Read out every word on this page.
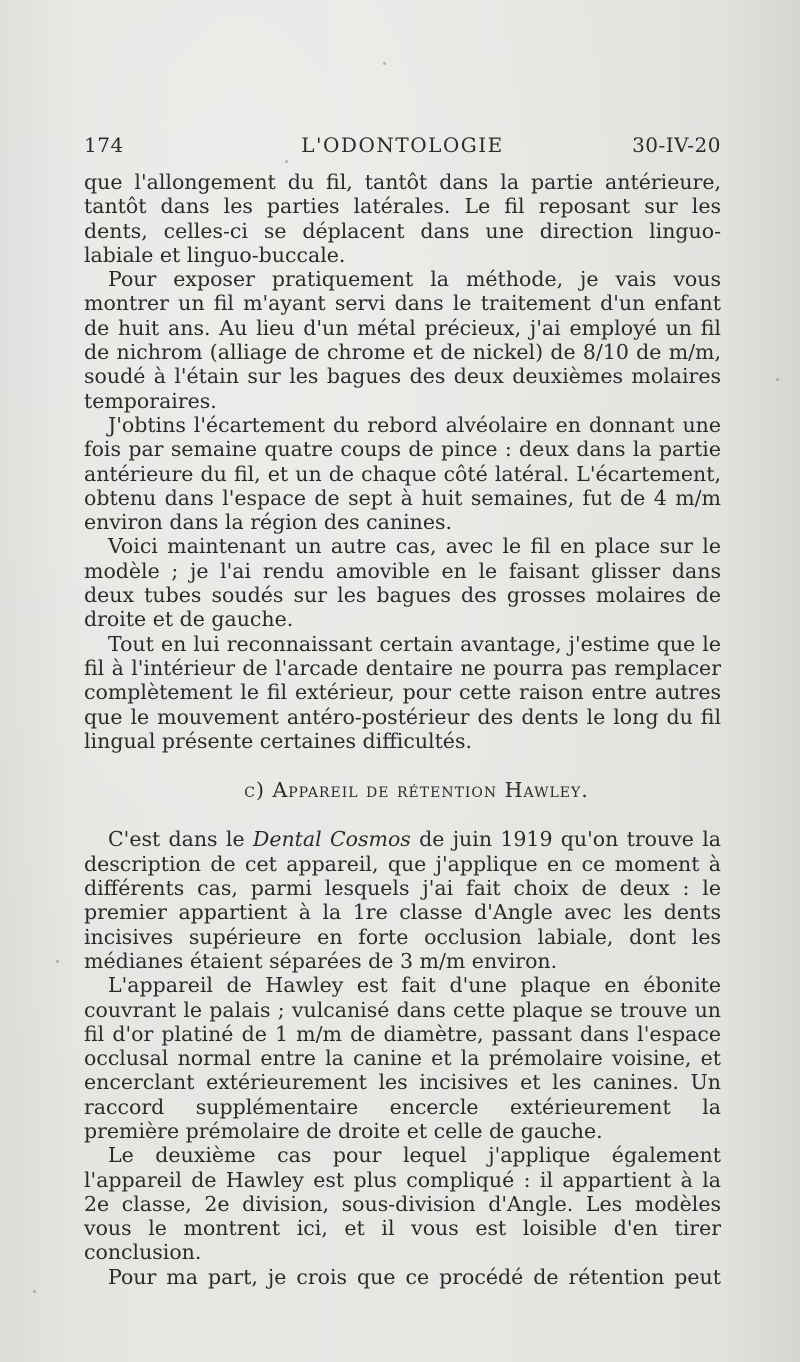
174	L'ODONTOLOGIE	30-IV-20

que l'allongement du fil, tantôt dans la partie antérieure, tantôt dans les parties latérales. Le fil reposant sur les dents, celles-ci se déplacent dans une direction linguo-labiale et linguo-buccale.

Pour exposer pratiquement la méthode, je vais vous montrer un fil m'ayant servi dans le traitement d'un enfant de huit ans. Au lieu d'un métal précieux, j'ai employé un fil de nichrom (alliage de chrome et de nickel) de 8/10 de m/m, soudé à l'étain sur les bagues des deux deuxièmes molaires temporaires.

J'obtins l'écartement du rebord alvéolaire en donnant une fois par semaine quatre coups de pince : deux dans la partie antérieure du fil, et un de chaque côté latéral. L'écartement, obtenu dans l'espace de sept à huit semaines, fut de 4 m/m environ dans la région des canines.

Voici maintenant un autre cas, avec le fil en place sur le modèle ; je l'ai rendu amovible en le faisant glisser dans deux tubes soudés sur les bagues des grosses molaires de droite et de gauche.

Tout en lui reconnaissant certain avantage, j'estime que le fil à l'intérieur de l'arcade dentaire ne pourra pas remplacer complètement le fil extérieur, pour cette raison entre autres que le mouvement antéro-postérieur des dents le long du fil lingual présente certaines difficultés.

c) Appareil de rétention Hawley.

C'est dans le Dental Cosmos de juin 1919 qu'on trouve la description de cet appareil, que j'applique en ce moment à différents cas, parmi lesquels j'ai fait choix de deux : le premier appartient à la 1re classe d'Angle avec les dents incisives supérieure en forte occlusion labiale, dont les médianes étaient séparées de 3 m/m environ.

L'appareil de Hawley est fait d'une plaque en ébonite couvrant le palais ; vulcanisé dans cette plaque se trouve un fil d'or platiné de 1 m/m de diamètre, passant dans l'espace occlusal normal entre la canine et la prémolaire voisine, et encerclant extérieurement les incisives et les canines. Un raccord supplémentaire encercle extérieurement la première prémolaire de droite et celle de gauche.

Le deuxième cas pour lequel j'applique également l'appareil de Hawley est plus compliqué : il appartient à la 2e classe, 2e division, sous-division d'Angle. Les modèles vous le montrent ici, et il vous est loisible d'en tirer conclusion.

Pour ma part, je crois que ce procédé de rétention peut
